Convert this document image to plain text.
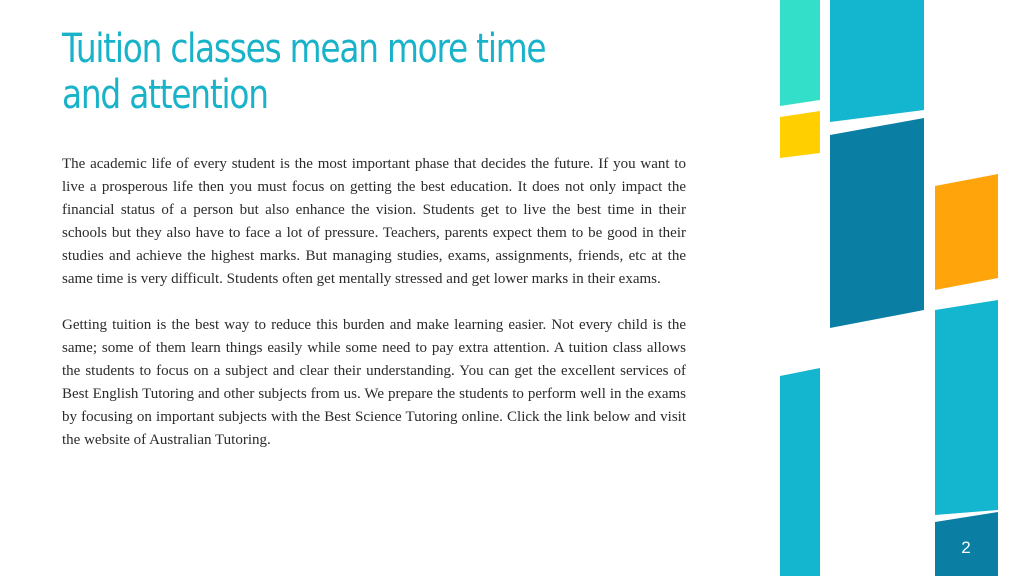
Tuition classes mean more time and attention

The academic life of every student is the most important phase that decides the future. If you want to live a prosperous life then you must focus on getting the best education. It does not only impact the financial status of a person but also enhance the vision. Students get to live the best time in their schools but they also have to face a lot of pressure. Teachers, parents expect them to be good in their studies and achieve the highest marks. But managing studies, exams, assignments, friends, etc at the same time is very difficult. Students often get mentally stressed and get lower marks in their exams.

Getting tuition is the best way to reduce this burden and make learning easier. Not every child is the same; some of them learn things easily while some need to pay extra attention. A tuition class allows the students to focus on a subject and clear their understanding. You can get the excellent services of Best English Tutoring and other subjects from us. We prepare the students to perform well in the exams by focusing on important subjects with the Best Science Tutoring online. Click the link below and visit the website of Australian Tutoring.

2
